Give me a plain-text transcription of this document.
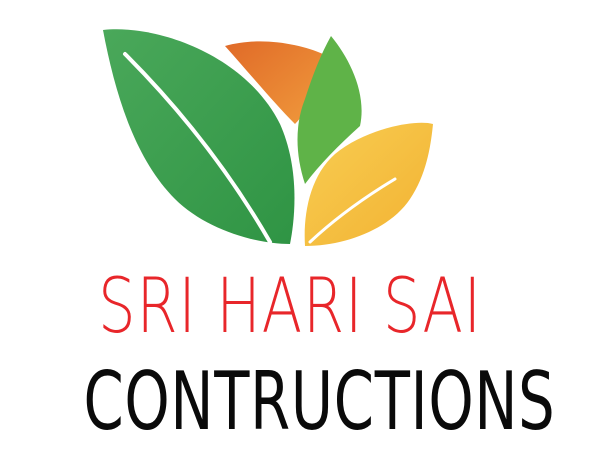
SRI HARI SAI
CONTRUCTIONS
